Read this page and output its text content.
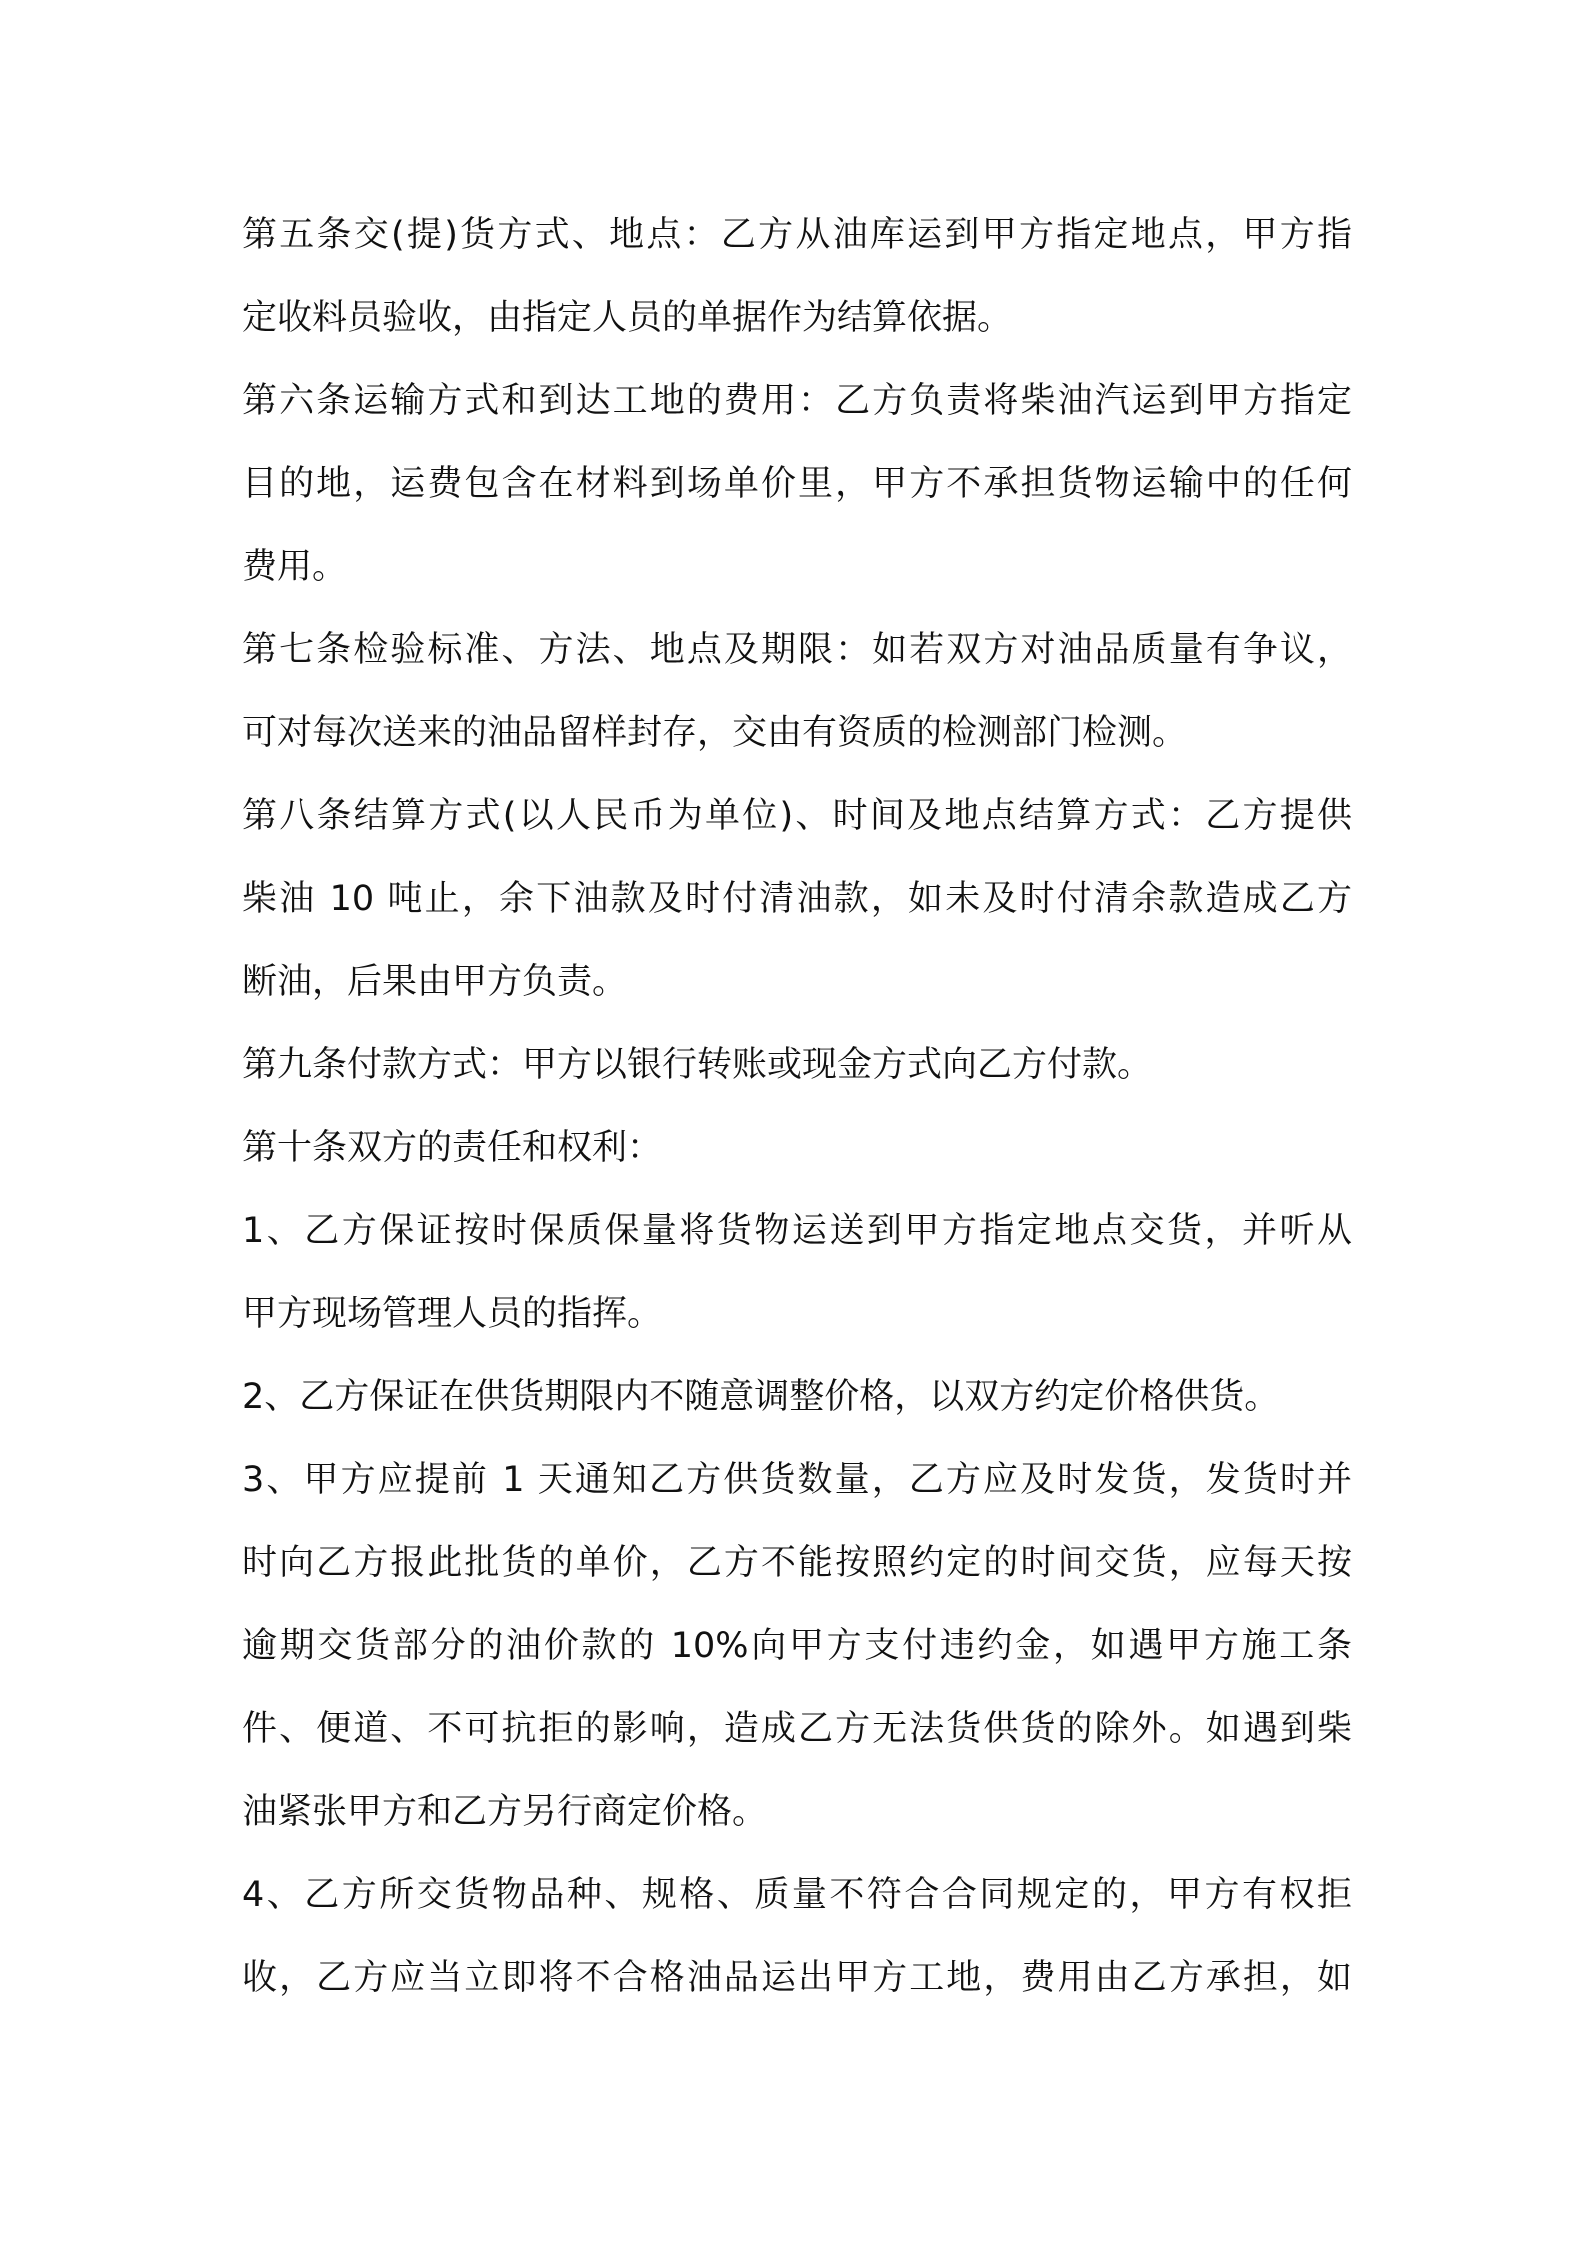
第五条交(提)货方式、地点：乙方从油库运到甲方指定地点，甲方指
定收料员验收，由指定人员的单据作为结算依据。
第六条运输方式和到达工地的费用：乙方负责将柴油汽运到甲方指定
目的地，运费包含在材料到场单价里，甲方不承担货物运输中的任何
费用。
第七条检验标准、方法、地点及期限：如若双方对油品质量有争议，
可对每次送来的油品留样封存，交由有资质的检测部门检测。
第八条结算方式(以人民币为单位)、时间及地点结算方式：乙方提供
柴油 10 吨止，余下油款及时付清油款，如未及时付清余款造成乙方
断油，后果由甲方负责。
第九条付款方式：甲方以银行转账或现金方式向乙方付款。
第十条双方的责任和权利：
1、乙方保证按时保质保量将货物运送到甲方指定地点交货，并听从
甲方现场管理人员的指挥。
2、乙方保证在供货期限内不随意调整价格，以双方约定价格供货。
3、甲方应提前 1 天通知乙方供货数量，乙方应及时发货，发货时并
时向乙方报此批货的单价，乙方不能按照约定的时间交货，应每天按
逾期交货部分的油价款的 10%向甲方支付违约金，如遇甲方施工条
件、便道、不可抗拒的影响，造成乙方无法货供货的除外。如遇到柴
油紧张甲方和乙方另行商定价格。
4、乙方所交货物品种、规格、质量不符合合同规定的，甲方有权拒
收，乙方应当立即将不合格油品运出甲方工地，费用由乙方承担，如
